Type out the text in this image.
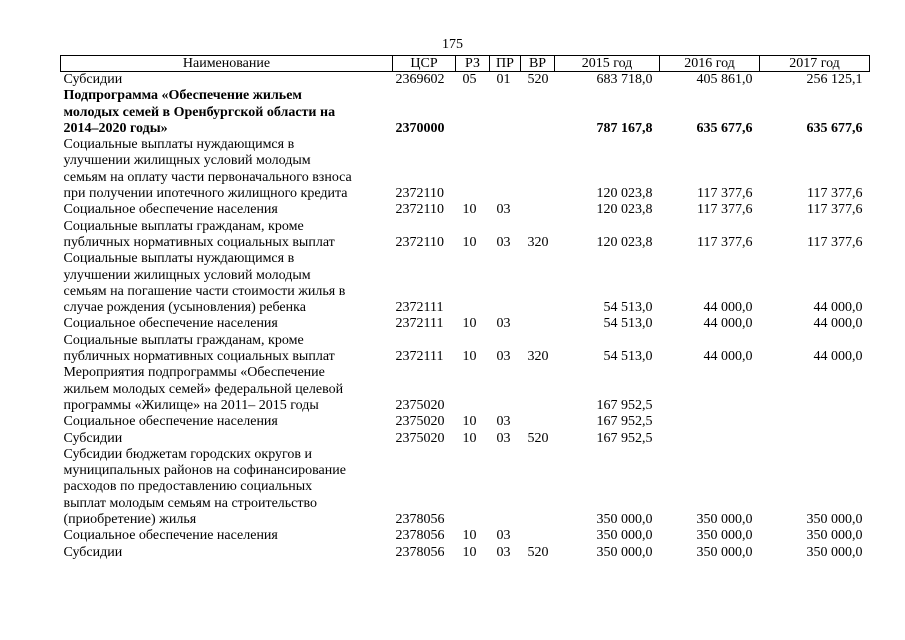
175
Наименование	ЦСР	РЗ	ПР	ВР	2015 год	2016 год	2017 год

Субсидии	2369602	05	01	520	683 718,0	405 861,0	256 125,1

Подпрограмма «Обеспечение жильем
молодых семей в Оренбургской области на
2014–2020 годы»	2370000				787 167,8	635 677,6	635 677,6

Социальные выплаты нуждающимся в
улучшении жилищных условий молодым
семьям на оплату части первоначального взноса
при получении ипотечного жилищного кредита	2372110				120 023,8	117 377,6	117 377,6

Социальное обеспечение населения	2372110	10	03		120 023,8	117 377,6	117 377,6

Социальные выплаты гражданам, кроме
публичных нормативных социальных выплат	2372110	10	03	320	120 023,8	117 377,6	117 377,6

Социальные выплаты нуждающимся в
улучшении жилищных условий молодым
семьям на погашение части стоимости жилья в
случае рождения (усыновления) ребенка	2372111				54 513,0	44 000,0	44 000,0

Социальное обеспечение населения	2372111	10	03		54 513,0	44 000,0	44 000,0

Социальные выплаты гражданам, кроме
публичных нормативных социальных выплат	2372111	10	03	320	54 513,0	44 000,0	44 000,0

Мероприятия подпрограммы «Обеспечение
жильем молодых семей» федеральной целевой
программы «Жилище» на 2011– 2015 годы	2375020				167 952,5		

Социальное обеспечение населения	2375020	10	03		167 952,5		

Субсидии	2375020	10	03	520	167 952,5		

Субсидии бюджетам городских округов и
муниципальных районов на софинансирование
расходов по предоставлению социальных
выплат молодым семьям на строительство
(приобретение) жилья	2378056				350 000,0	350 000,0	350 000,0

Социальное обеспечение населения	2378056	10	03		350 000,0	350 000,0	350 000,0

Субсидии	2378056	10	03	520	350 000,0	350 000,0	350 000,0
